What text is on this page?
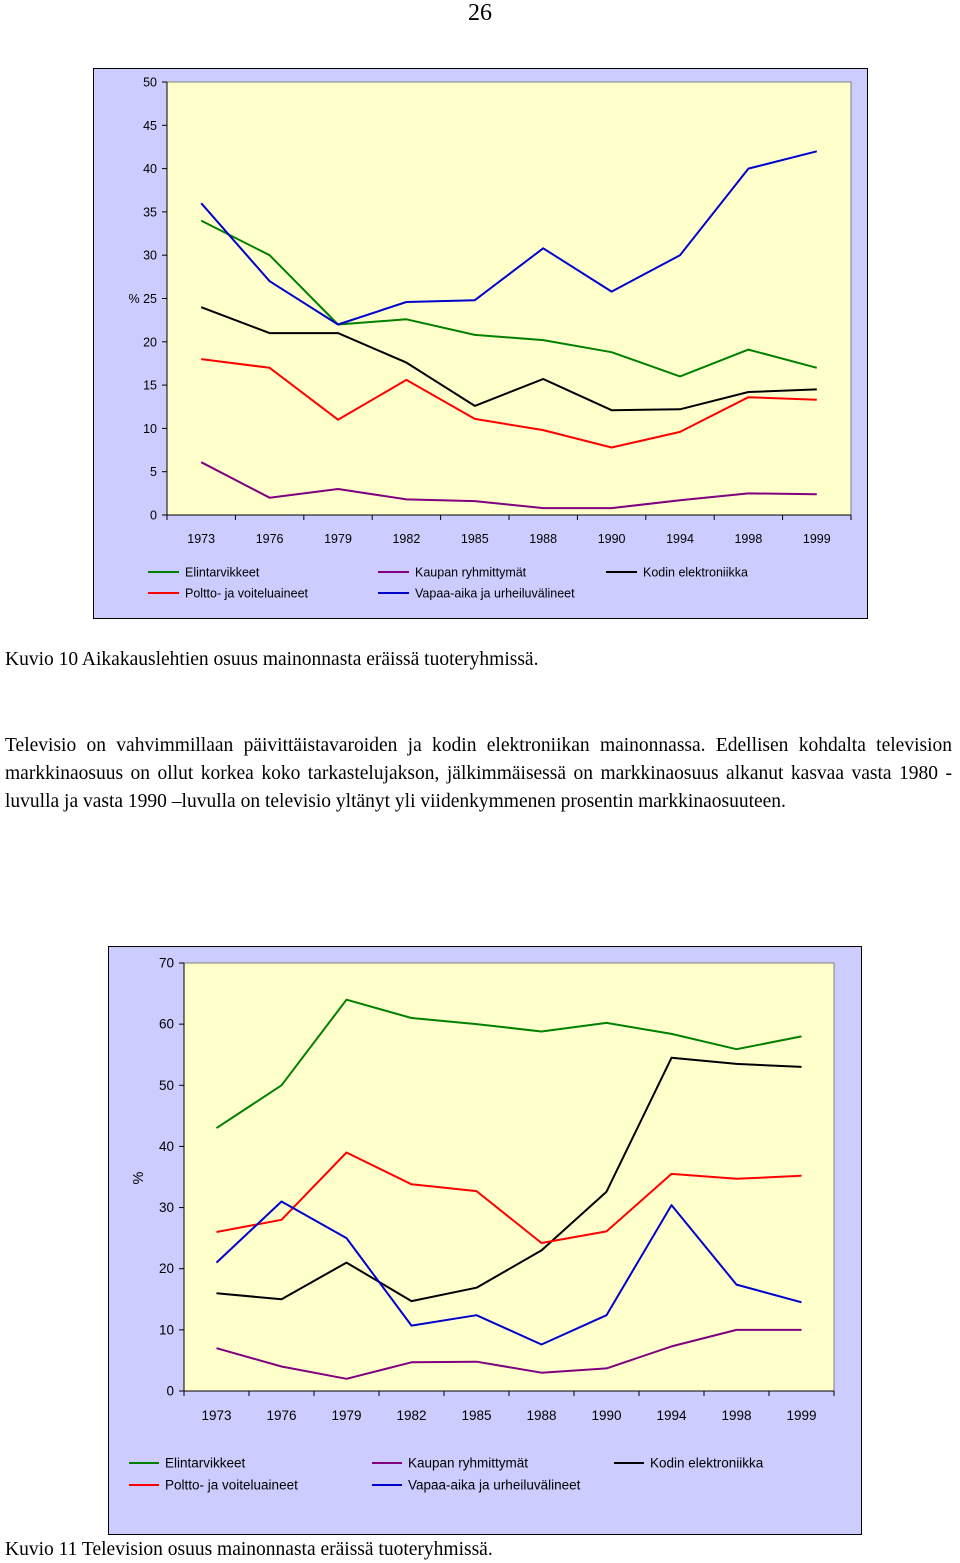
26
0
5
10
15
20
% 25
30
35
40
45
50
1973	1976	1979	1982	1985	1988	1990	1994	1998	1999
Elintarvikkeet	Kaupan ryhmittymät	Kodin elektroniikka
Poltto- ja voiteluaineet	Vapaa-aika ja urheiluvälineet
Kuvio 10 Aikakauslehtien osuus mainonnasta eräissä tuoteryhmissä.
Televisio on vahvimmillaan päivittäistavaroiden ja kodin elektroniikan mainonnassa. Edellisen kohdalta television markkinaosuus on ollut korkea koko tarkastelujakson, jälkimmäisessä on markkinaosuus alkanut kasvaa vasta 1980 -luvulla ja vasta 1990 –luvulla on televisio yltänyt yli viidenkymmenen prosentin markkinaosuuteen.
0
10
20
30
40
50
60
70
%
1973	1976	1979	1982	1985	1988	1990	1994	1998	1999
Elintarvikkeet	Kaupan ryhmittymät	Kodin elektroniikka
Poltto- ja voiteluaineet	Vapaa-aika ja urheiluvälineet
Kuvio 11 Television osuus mainonnasta eräissä tuoteryhmissä.
